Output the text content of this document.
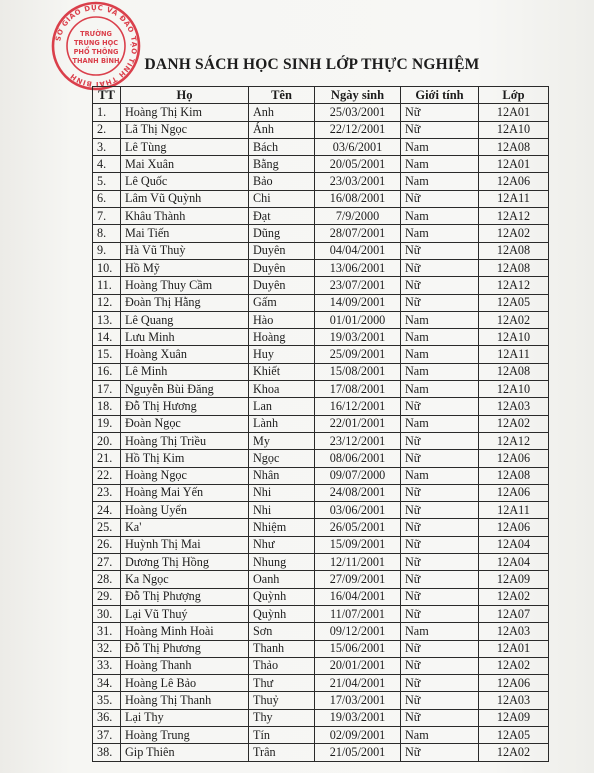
SỞ GIÁO DỤC VÀ ĐÀO TẠO TỈNH THÁI BÌNH
TRƯỜNG
TRUNG HỌC
PHỔ THÔNG
THANH BÌNH	DANH SÁCH HỌC SINH LỚP THỰC NGHIỆM
TT	Họ	Tên	Ngày sinh	Giới tính	Lớp
1.	Hoàng Thị Kim	Anh	25/03/2001	Nữ	12A01
2.	Lã Thị Ngọc	Ánh	22/12/2001	Nữ	12A10
3.	Lê Tùng	Bách	03/6/2001	Nam	12A08
4.	Mai Xuân	Bằng	20/05/2001	Nam	12A01
5.	Lê Quốc	Bảo	23/03/2001	Nam	12A06
6.	Lâm Vũ Quỳnh	Chi	16/08/2001	Nữ	12A11
7.	Khâu Thành	Đạt	7/9/2000	Nam	12A12
8.	Mai Tiến	Dũng	28/07/2001	Nam	12A02
9.	Hà Vũ Thuỳ	Duyên	04/04/2001	Nữ	12A08
10.	Hồ Mỹ	Duyên	13/06/2001	Nữ	12A08
11.	Hoàng Thuy Cầm	Duyên	23/07/2001	Nữ	12A12
12.	Đoàn Thị Hằng	Gấm	14/09/2001	Nữ	12A05
13.	Lê Quang	Hào	01/01/2000	Nam	12A02
14.	Lưu Minh	Hoàng	19/03/2001	Nam	12A10
15.	Hoàng Xuân	Huy	25/09/2001	Nam	12A11
16.	Lê Minh	Khiết	15/08/2001	Nam	12A08
17.	Nguyễn Bùi Đăng	Khoa	17/08/2001	Nam	12A10
18.	Đỗ Thị Hương	Lan	16/12/2001	Nữ	12A03
19.	Đoàn Ngọc	Lành	22/01/2001	Nam	12A02
20.	Hoàng Thị Triều	My	23/12/2001	Nữ	12A12
21.	Hồ Thị Kim	Ngọc	08/06/2001	Nữ	12A06
22.	Hoàng Ngọc	Nhân	09/07/2000	Nam	12A08
23.	Hoàng Mai Yến	Nhi	24/08/2001	Nữ	12A06
24.	Hoàng Uyển	Nhi	03/06/2001	Nữ	12A11
25.	Ka'	Nhiệm	26/05/2001	Nữ	12A06
26.	Huỳnh Thị Mai	Như	15/09/2001	Nữ	12A04
27.	Dương Thị Hồng	Nhung	12/11/2001	Nữ	12A04
28.	Ka Ngọc	Oanh	27/09/2001	Nữ	12A09
29.	Đỗ Thị Phượng	Quỳnh	16/04/2001	Nữ	12A02
30.	Lại Vũ Thuý	Quỳnh	11/07/2001	Nữ	12A07
31.	Hoàng Minh Hoài	Sơn	09/12/2001	Nam	12A03
32.	Đỗ Thị Phương	Thanh	15/06/2001	Nữ	12A01
33.	Hoàng Thanh	Thảo	20/01/2001	Nữ	12A02
34.	Hoàng Lê Bảo	Thư	21/04/2001	Nữ	12A06
35.	Hoàng Thị Thanh	Thuỷ	17/03/2001	Nữ	12A03
36.	Lại Thy	Thy	19/03/2001	Nữ	12A09
37.	Hoàng Trung	Tín	02/09/2001	Nam	12A05
38.	Gip Thiên	Trân	21/05/2001	Nữ	12A02
